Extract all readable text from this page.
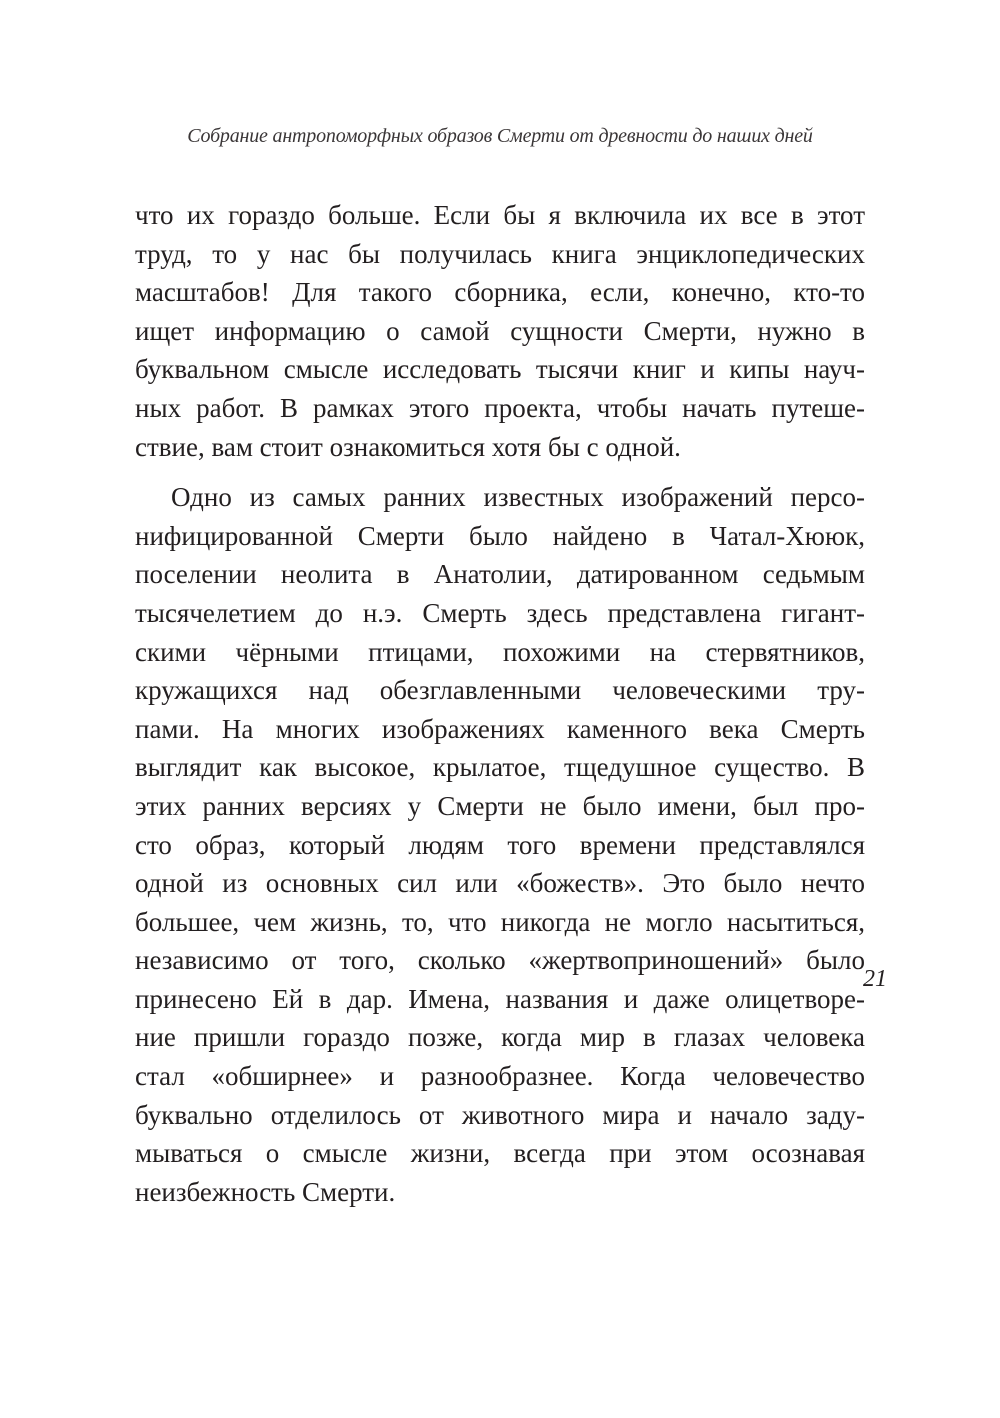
Собрание антропоморфных образов Смерти от древности до наших дней
что их гораздо больше. Если бы я включила их все в этот
труд, то у нас бы получилась книга энциклопедических
масштабов! Для такого сборника, если, конечно, кто-то
ищет информацию о самой сущности Смерти, нужно в
буквальном смысле исследовать тысячи книг и кипы науч-
ных работ. В рамках этого проекта, чтобы начать путеше-
ствие, вам стоит ознакомиться хотя бы с одной.
Одно из самых ранних известных изображений персо-
нифицированной Смерти было найдено в Чатал-Хююк,
поселении неолита в Анатолии, датированном седьмым
тысячелетием до н.э. Смерть здесь представлена гигант-
скими чёрными птицами, похожими на стервятников,
кружащихся над обезглавленными человеческими тру-
пами. На многих изображениях каменного века Смерть
выглядит как высокое, крылатое, тщедушное существо. В
этих ранних версиях у Смерти не было имени, был про-
сто образ, который людям того времени представлялся
одной из основных сил или «божеств». Это было нечто
большее, чем жизнь, то, что никогда не могло насытиться,
независимо от того, сколько «жертвоприношений» было
принесено Ей в дар. Имена, названия и даже олицетворе-
ние пришли гораздо позже, когда мир в глазах человека
стал «обширнее» и разнообразнее. Когда человечество
буквально отделилось от животного мира и начало заду-
мываться о смысле жизни, всегда при этом осознавая
неизбежность Смерти.
21
